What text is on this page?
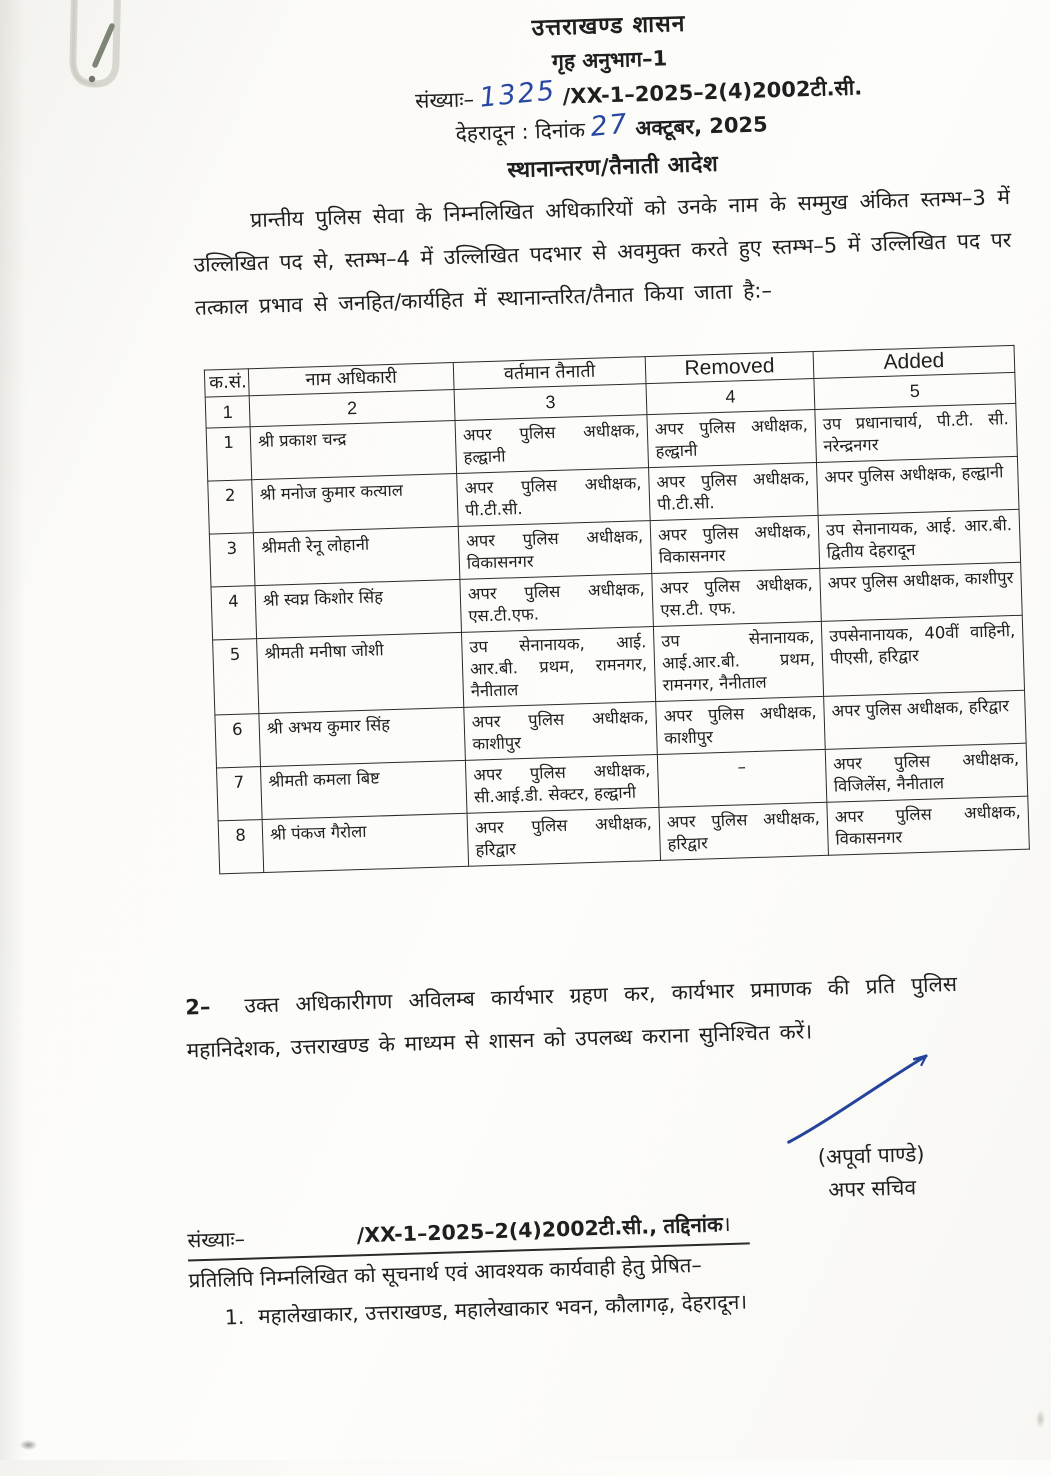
उत्तराखण्ड शासन
गृह अनुभाग–1
संख्याः– 1325 /XX-1–2025–2(4)2002टी.सी.
देहरादून : दिनांक 27 अक्टूबर, 2025
स्थानान्तरण/तैनाती आदेश
प्रान्तीय पुलिस सेवा के निम्नलिखित अधिकारियों को उनके नाम के सम्मुख अंकित स्तम्भ–3 में उल्लिखित पद से, स्तम्भ–4 में उल्लिखित पदभार से अवमुक्त करते हुए स्तम्भ–5 में उल्लिखित पद पर तत्काल प्रभाव से जनहित/कार्यहित में स्थानान्तरित/तैनात किया जाता है:–
क.सं.	नाम अधिकारी	वर्तमान तैनाती	Removed	Added
1	2	3	4	5
1	श्री प्रकाश चन्द्र	अपर पुलिस अधीक्षक, हल्द्वानी	अपर पुलिस अधीक्षक, हल्द्वानी	उप प्रधानाचार्य, पी.टी. सी. नरेन्द्रनगर
2	श्री मनोज कुमार कत्याल	अपर पुलिस अधीक्षक, पी.टी.सी.	अपर पुलिस अधीक्षक, पी.टी.सी.	अपर पुलिस अधीक्षक, हल्द्वानी
3	श्रीमती रेनू लोहानी	अपर पुलिस अधीक्षक, विकासनगर	अपर पुलिस अधीक्षक, विकासनगर	उप सेनानायक, आई. आर.बी. द्वितीय देहरादून
4	श्री स्वप्न किशोर सिंह	अपर पुलिस अधीक्षक, एस.टी.एफ.	अपर पुलिस अधीक्षक, एस.टी. एफ.	अपर पुलिस अधीक्षक, काशीपुर
5	श्रीमती मनीषा जोशी	उप सेनानायक, आई. आर.बी. प्रथम, रामनगर, नैनीताल	उप सेनानायक, आई.आर.बी. प्रथम, रामनगर, नैनीताल	उपसेनानायक, 40वीं वाहिनी, पीएसी, हरिद्वार
6	श्री अभय कुमार सिंह	अपर पुलिस अधीक्षक, काशीपुर	अपर पुलिस अधीक्षक, काशीपुर	अपर पुलिस अधीक्षक, हरिद्वार
7	श्रीमती कमला बिष्ट	अपर पुलिस अधीक्षक, सी.आई.डी. सेक्टर, हल्द्वानी	–	अपर पुलिस अधीक्षक, विजिलेंस, नैनीताल
8	श्री पंकज गैरोला	अपर पुलिस अधीक्षक, हरिद्वार	अपर पुलिस अधीक्षक, हरिद्वार	अपर पुलिस अधीक्षक, विकासनगर
2– उक्त अधिकारीगण अविलम्ब कार्यभार ग्रहण कर, कार्यभार प्रमाणक की प्रति पुलिस महानिदेशक, उत्तराखण्ड के माध्यम से शासन को उपलब्ध कराना सुनिश्चित करें।
(अपूर्वा पाण्डे)
अपर सचिव
संख्याः–	/XX-1–2025–2(4)2002टी.सी., तद्दिनांक।
प्रतिलिपि निम्नलिखित को सूचनार्थ एवं आवश्यक कार्यवाही हेतु प्रेषित–
1. महालेखाकार, उत्तराखण्ड, महालेखाकार भवन, कौलागढ़, देहरादून।
